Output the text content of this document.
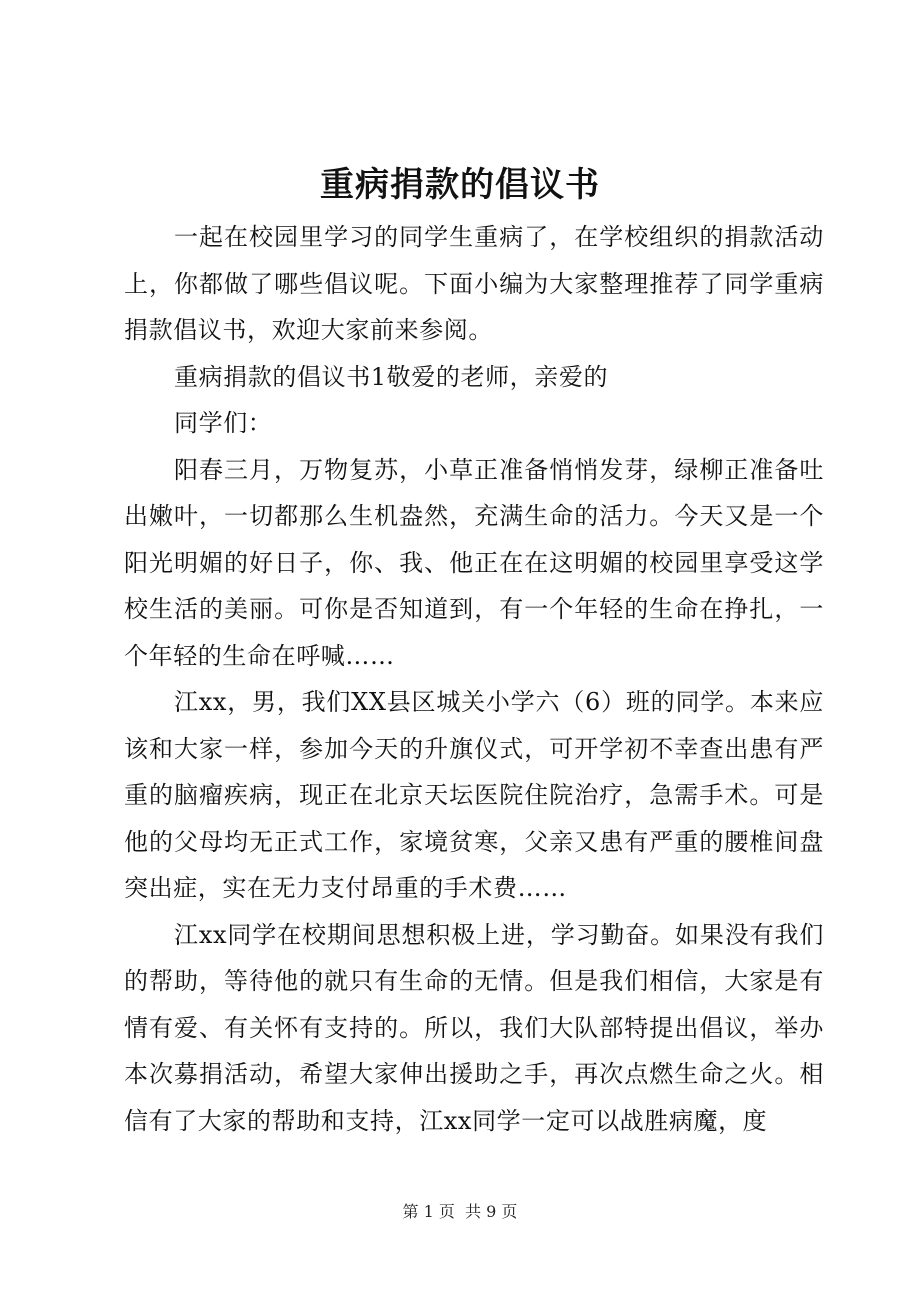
重病捐款的倡议书

一起在校园里学习的同学生重病了，在学校组织的捐款活动上，你都做了哪些倡议呢。下面小编为大家整理推荐了同学重病捐款倡议书，欢迎大家前来参阅。

重病捐款的倡议书1敬爱的老师，亲爱的

同学们：

阳春三月，万物复苏，小草正准备悄悄发芽，绿柳正准备吐出嫩叶，一切都那么生机盎然，充满生命的活力。今天又是一个阳光明媚的好日子，你、我、他正在在这明媚的校园里享受这学校生活的美丽。可你是否知道到，有一个年轻的生命在挣扎，一个年轻的生命在呼喊……

江xx，男，我们XX县区城关小学六（6）班的同学。本来应该和大家一样，参加今天的升旗仪式，可开学初不幸查出患有严重的脑瘤疾病，现正在北京天坛医院住院治疗，急需手术。可是他的父母均无正式工作，家境贫寒，父亲又患有严重的腰椎间盘突出症，实在无力支付昂重的手术费……

江xx同学在校期间思想积极上进，学习勤奋。如果没有我们的帮助，等待他的就只有生命的无情。但是我们相信，大家是有情有爱、有关怀有支持的。所以，我们大队部特提出倡议，举办本次募捐活动，希望大家伸出援助之手，再次点燃生命之火。相信有了大家的帮助和支持，江xx同学一定可以战胜病魔，度

第 1 页  共 9 页
